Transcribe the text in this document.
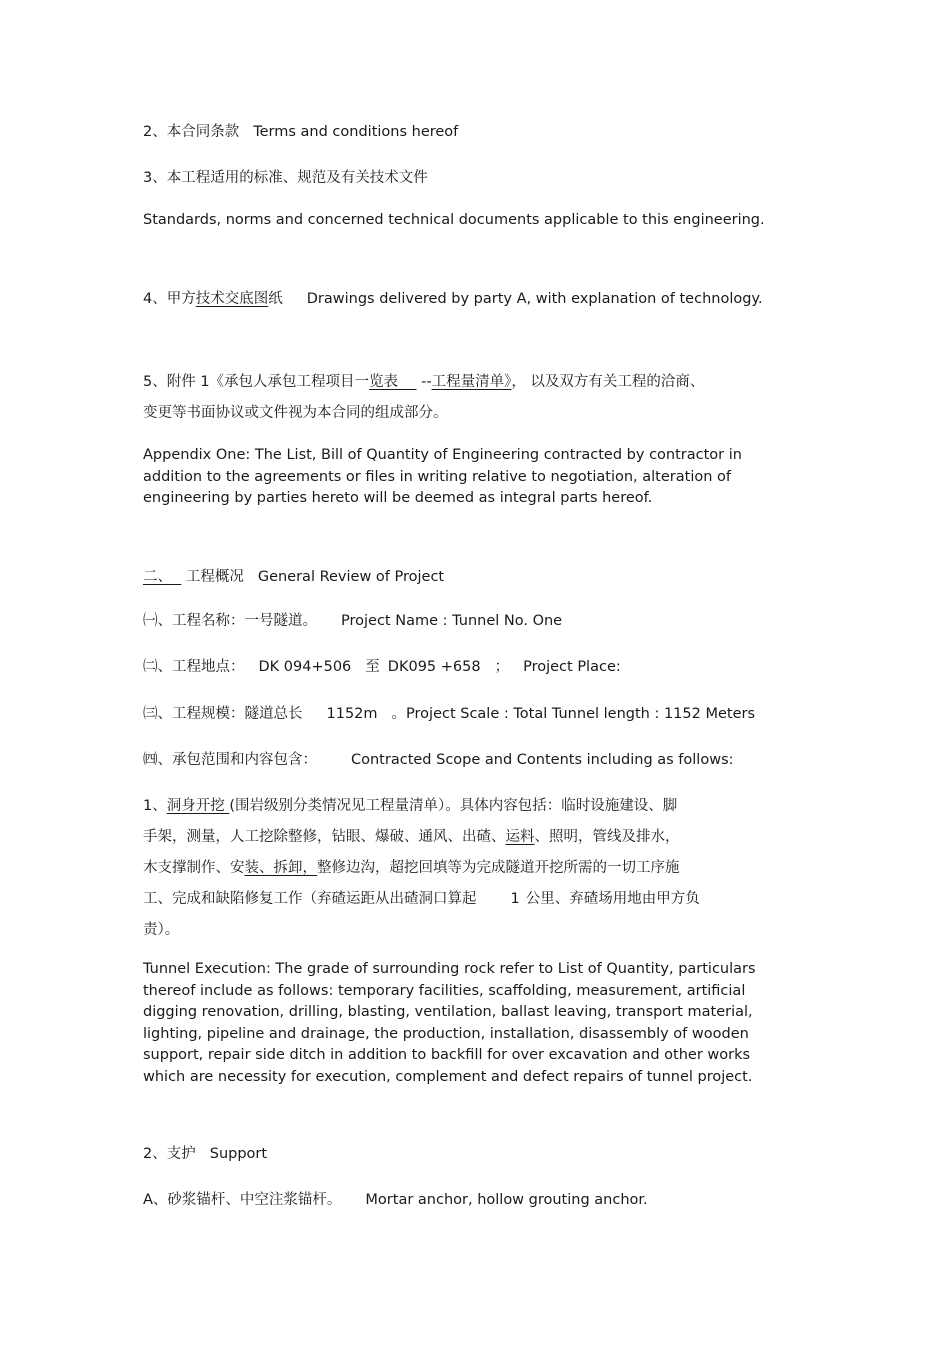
2、本合同条款 Terms and conditions hereof
3、本工程适用的标准、规范及有关技术文件
Standards, norms and concerned technical documents applicable to this engineering.
4、甲方技术交底图纸 Drawings delivered by party A, with explanation of technology.
5、附件 1《承包人承包工程项目一览表     --工程量清单》， 以及双方有关工程的洽商、
变更等书面协议或文件视为本合同的组成部分。
Appendix One: The List, Bill of Quantity of Engineering contracted by contractor in addition to the agreements or files in writing relative to negotiation, alteration of engineering by parties hereto will be deemed as integral parts hereof.
二、   工程概况 General Review of Project
㈠、工程名称：一号隧道。 Project Name : Tunnel No. One
㈡、工程地点： DK 094+506 至 DK095 +658 ； Project Place:
㈢、工程规模：隧道总长 1152m 。Project Scale : Total Tunnel length : 1152 Meters
㈣、承包范围和内容包含： Contracted Scope and Contents including as follows:
1、洞身开挖 (围岩级别分类情况见工程量清单）。具体内容包括：临时设施建设、脚
手架，测量，人工挖除整修，钻眼、爆破、通风、出碴、运料、照明，管线及排水，
木支撑制作、安装、拆卸，整修边沟，超挖回填等为完成隧道开挖所需的一切工序施
工、完成和缺陷修复工作（弃碴运距从出碴洞口算起 1 公里、弃碴场用地由甲方负
责）。
Tunnel Execution: The grade of surrounding rock refer to List of Quantity, particulars thereof include as follows: temporary facilities, scaffolding, measurement, artificial digging renovation, drilling, blasting, ventilation, ballast leaving, transport material, lighting, pipeline and drainage, the production, installation, disassembly of wooden support, repair side ditch in addition to backfill for over excavation and other works which are necessity for execution, complement and defect repairs of tunnel project.
2、支护 Support
A、砂浆锚杆、中空注浆锚杆。 Mortar anchor, hollow grouting anchor.
